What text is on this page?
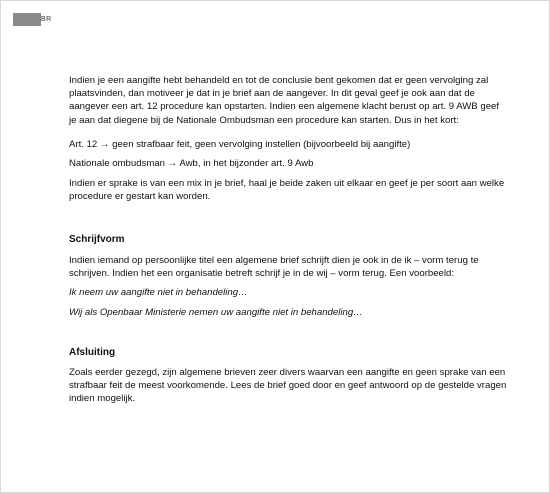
BR

Indien je een aangifte hebt behandeld en tot de conclusie bent gekomen dat er geen vervolging zal plaatsvinden, dan motiveer je dat in je brief aan de aangever. In dit geval geef je ook aan dat de aangever een art. 12 procedure kan opstarten. Indien een algemene klacht berust op art. 9 AWB geef je aan dat diegene bij de Nationale Ombudsman een procedure kan starten. Dus in het kort:

Art. 12 → geen strafbaar feit, geen vervolging instellen (bijvoorbeeld bij aangifte)

Nationale ombudsman → Awb, in het bijzonder art. 9 Awb

Indien er sprake is van een mix in je brief, haal je beide zaken uit elkaar en geef je per soort aan welke procedure er gestart kan worden.

Schrijfvorm

Indien iemand op persoonlijke titel een algemene brief schrijft dien je ook in de ik – vorm terug te schrijven. Indien het een organisatie betreft schrijf je in de wij – vorm terug. Een voorbeeld:

Ik neem uw aangifte niet in behandeling…

Wij als Openbaar Ministerie nemen uw aangifte niet in behandeling…

Afsluiting

Zoals eerder gezegd, zijn algemene brieven zeer divers waarvan een aangifte en geen sprake van een strafbaar feit de meest voorkomende. Lees de brief goed door en geef antwoord op de gestelde vragen indien mogelijk.
